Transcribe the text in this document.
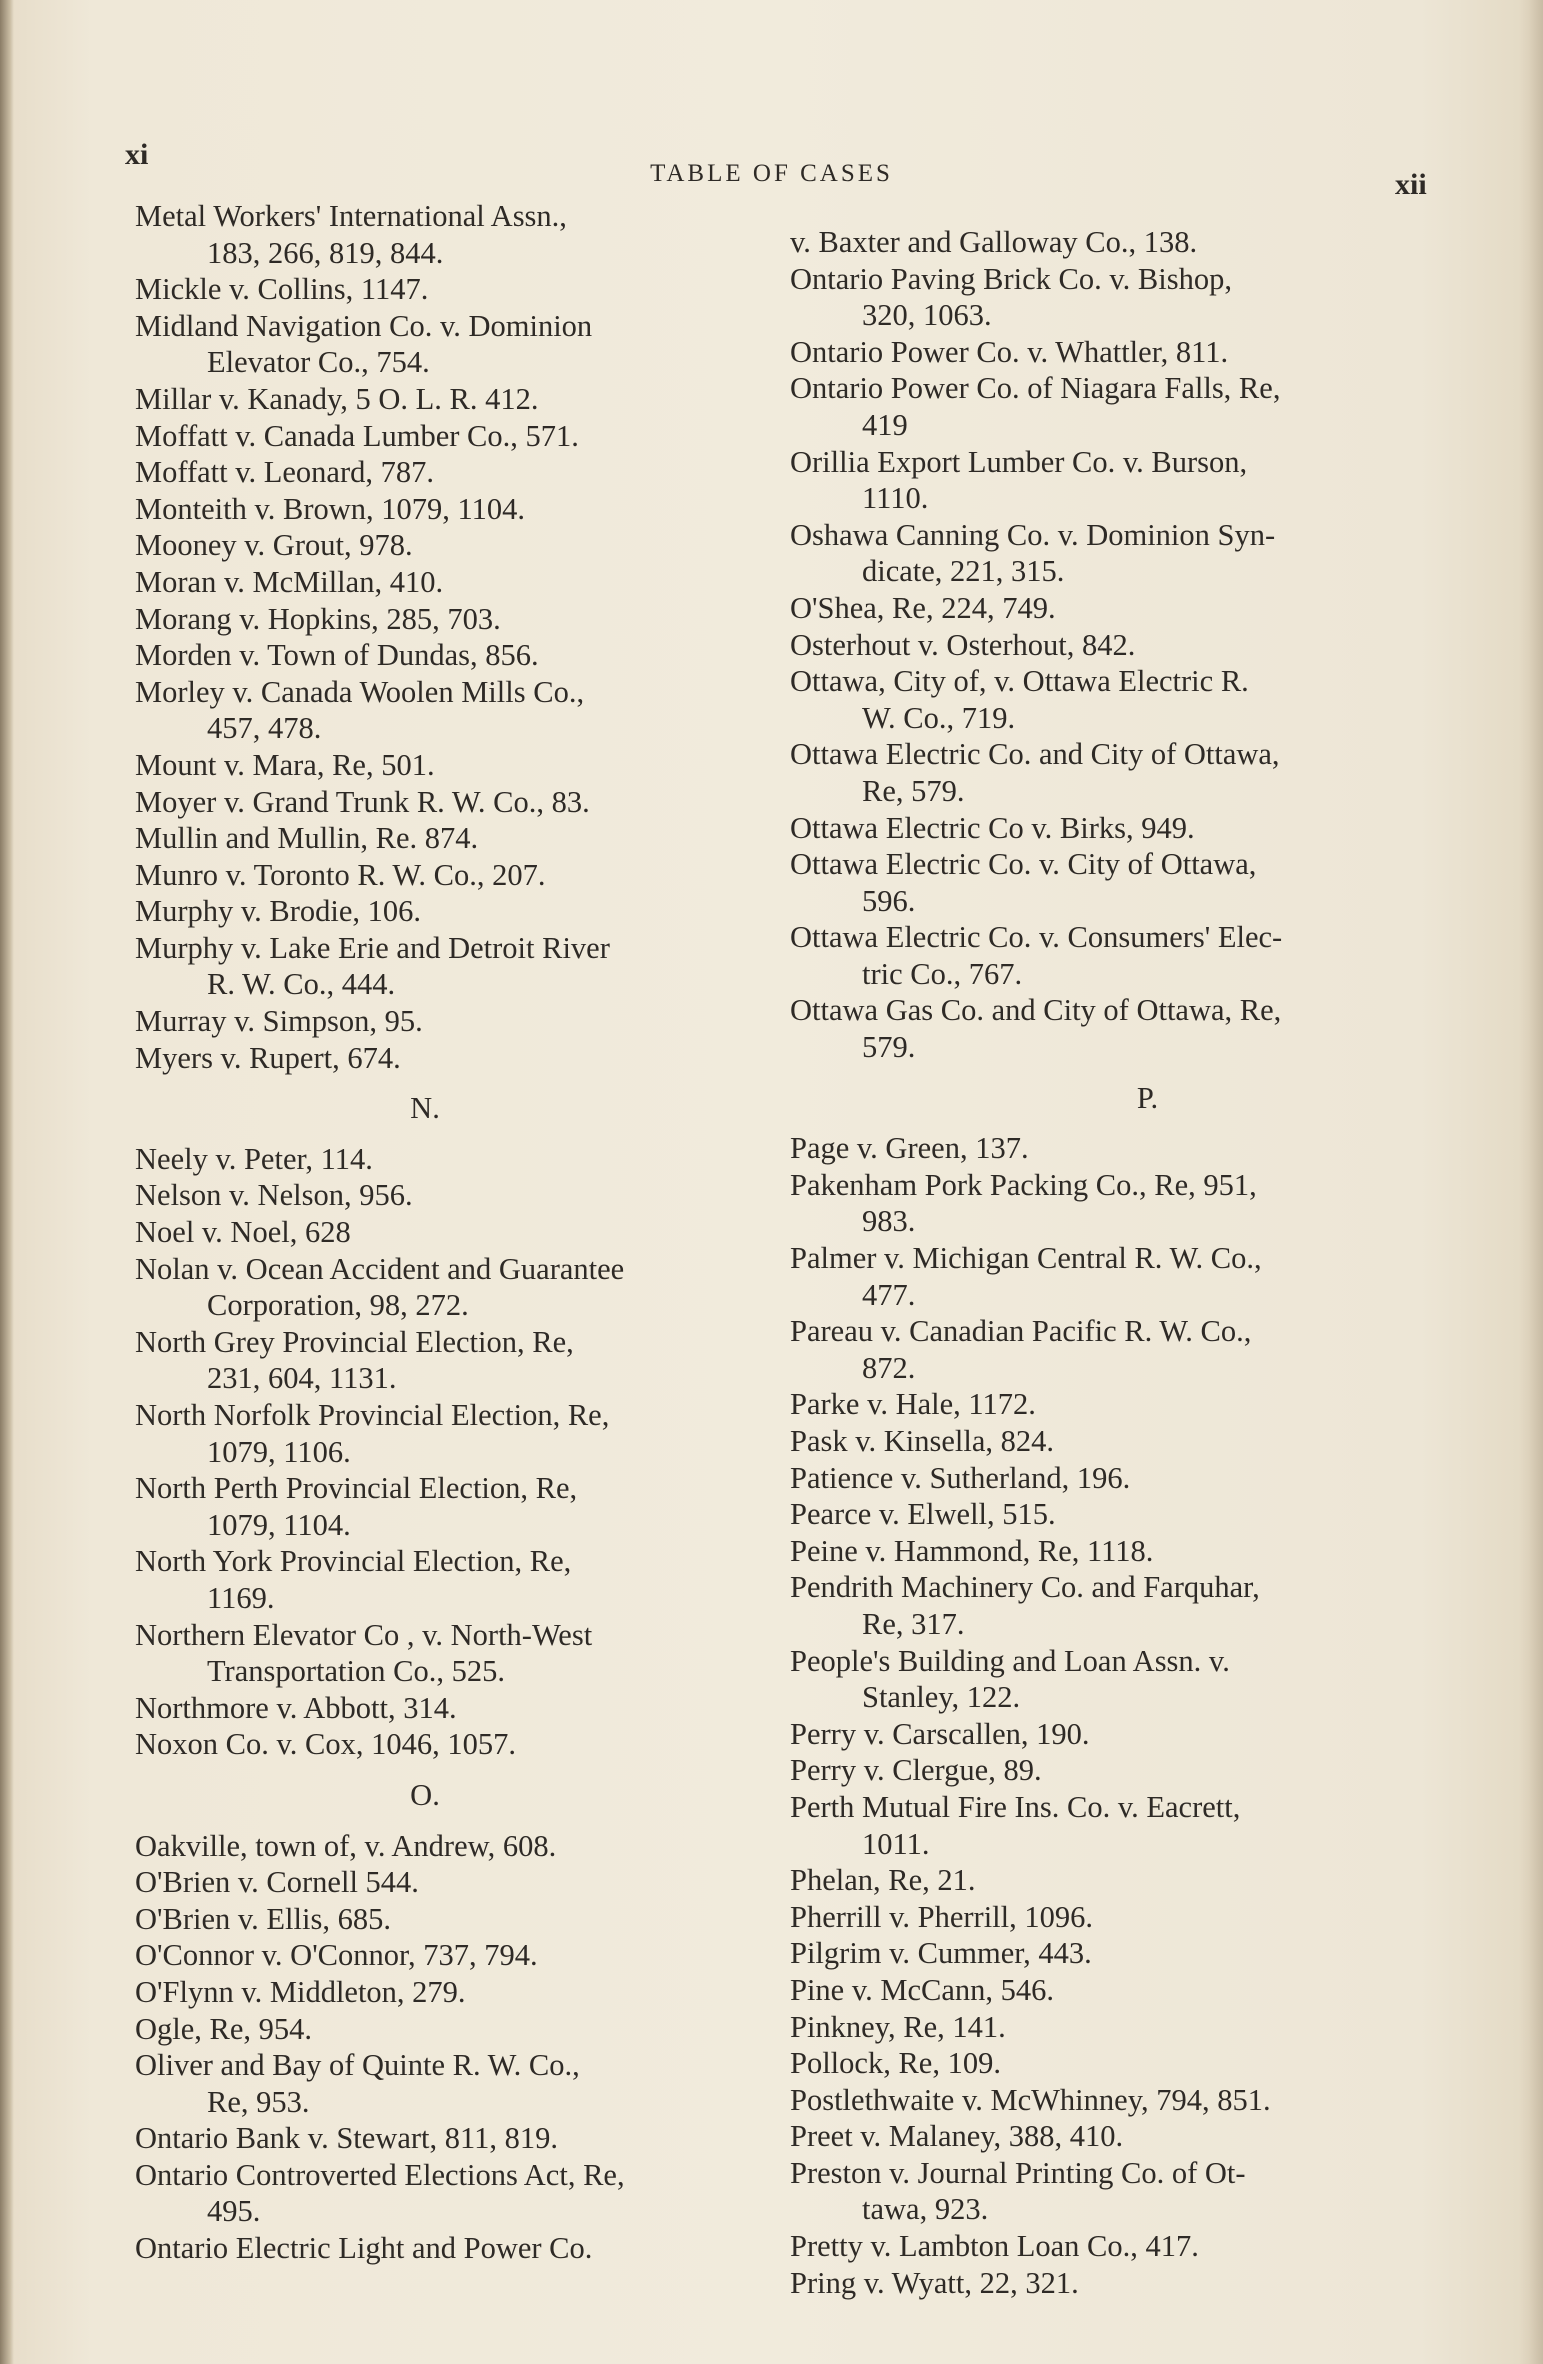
xi
TABLE OF CASES	xii
Metal Workers' International Assn.,
183, 266, 819, 844.
Mickle v. Collins, 1147.
Midland Navigation Co. v. Dominion
Elevator Co., 754.
Millar v. Kanady, 5 O. L. R. 412.
Moffatt v. Canada Lumber Co., 571.
Moffatt v. Leonard, 787.
Monteith v. Brown, 1079, 1104.
Mooney v. Grout, 978.
Moran v. McMillan, 410.
Morang v. Hopkins, 285, 703.
Morden v. Town of Dundas, 856.
Morley v. Canada Woolen Mills Co.,
457, 478.
Mount v. Mara, Re, 501.
Moyer v. Grand Trunk R. W. Co., 83.
Mullin and Mullin, Re. 874.
Munro v. Toronto R. W. Co., 207.
Murphy v. Brodie, 106.
Murphy v. Lake Erie and Detroit River
R. W. Co., 444.
Murray v. Simpson, 95.
Myers v. Rupert, 674.
N.
Neely v. Peter, 114.
Nelson v. Nelson, 956.
Noel v. Noel, 628
Nolan v. Ocean Accident and Guarantee
Corporation, 98, 272.
North Grey Provincial Election, Re,
231, 604, 1131.
North Norfolk Provincial Election, Re,
1079, 1106.
North Perth Provincial Election, Re,
1079, 1104.
North York Provincial Election, Re,
1169.
Northern Elevator Co , v. North-West
Transportation Co., 525.
Northmore v. Abbott, 314.
Noxon Co. v. Cox, 1046, 1057.
O.
Oakville, town of, v. Andrew, 608.
O'Brien v. Cornell 544.
O'Brien v. Ellis, 685.
O'Connor v. O'Connor, 737, 794.
O'Flynn v. Middleton, 279.
Ogle, Re, 954.
Oliver and Bay of Quinte R. W. Co.,
Re, 953.
Ontario Bank v. Stewart, 811, 819.
Ontario Controverted Elections Act, Re,
495.
Ontario Electric Light and Power Co.
v. Baxter and Galloway Co., 138.
Ontario Paving Brick Co. v. Bishop,
320, 1063.
Ontario Power Co. v. Whattler, 811.
Ontario Power Co. of Niagara Falls, Re,
419
Orillia Export Lumber Co. v. Burson,
1110.
Oshawa Canning Co. v. Dominion Syn-
dicate, 221, 315.
O'Shea, Re, 224, 749.
Osterhout v. Osterhout, 842.
Ottawa, City of, v. Ottawa Electric R.
W. Co., 719.
Ottawa Electric Co. and City of Ottawa,
Re, 579.
Ottawa Electric Co v. Birks, 949.
Ottawa Electric Co. v. City of Ottawa,
596.
Ottawa Electric Co. v. Consumers' Elec-
tric Co., 767.
Ottawa Gas Co. and City of Ottawa, Re,
579.
P.
Page v. Green, 137.
Pakenham Pork Packing Co., Re, 951,
983.
Palmer v. Michigan Central R. W. Co.,
477.
Pareau v. Canadian Pacific R. W. Co.,
872.
Parke v. Hale, 1172.
Pask v. Kinsella, 824.
Patience v. Sutherland, 196.
Pearce v. Elwell, 515.
Peine v. Hammond, Re, 1118.
Pendrith Machinery Co. and Farquhar,
Re, 317.
People's Building and Loan Assn. v.
Stanley, 122.
Perry v. Carscallen, 190.
Perry v. Clergue, 89.
Perth Mutual Fire Ins. Co. v. Eacrett,
1011.
Phelan, Re, 21.
Pherrill v. Pherrill, 1096.
Pilgrim v. Cummer, 443.
Pine v. McCann, 546.
Pinkney, Re, 141.
Pollock, Re, 109.
Postlethwaite v. McWhinney, 794, 851.
Preet v. Malaney, 388, 410.
Preston v. Journal Printing Co. of Ot-
tawa, 923.
Pretty v. Lambton Loan Co., 417.
Pring v. Wyatt, 22, 321.
